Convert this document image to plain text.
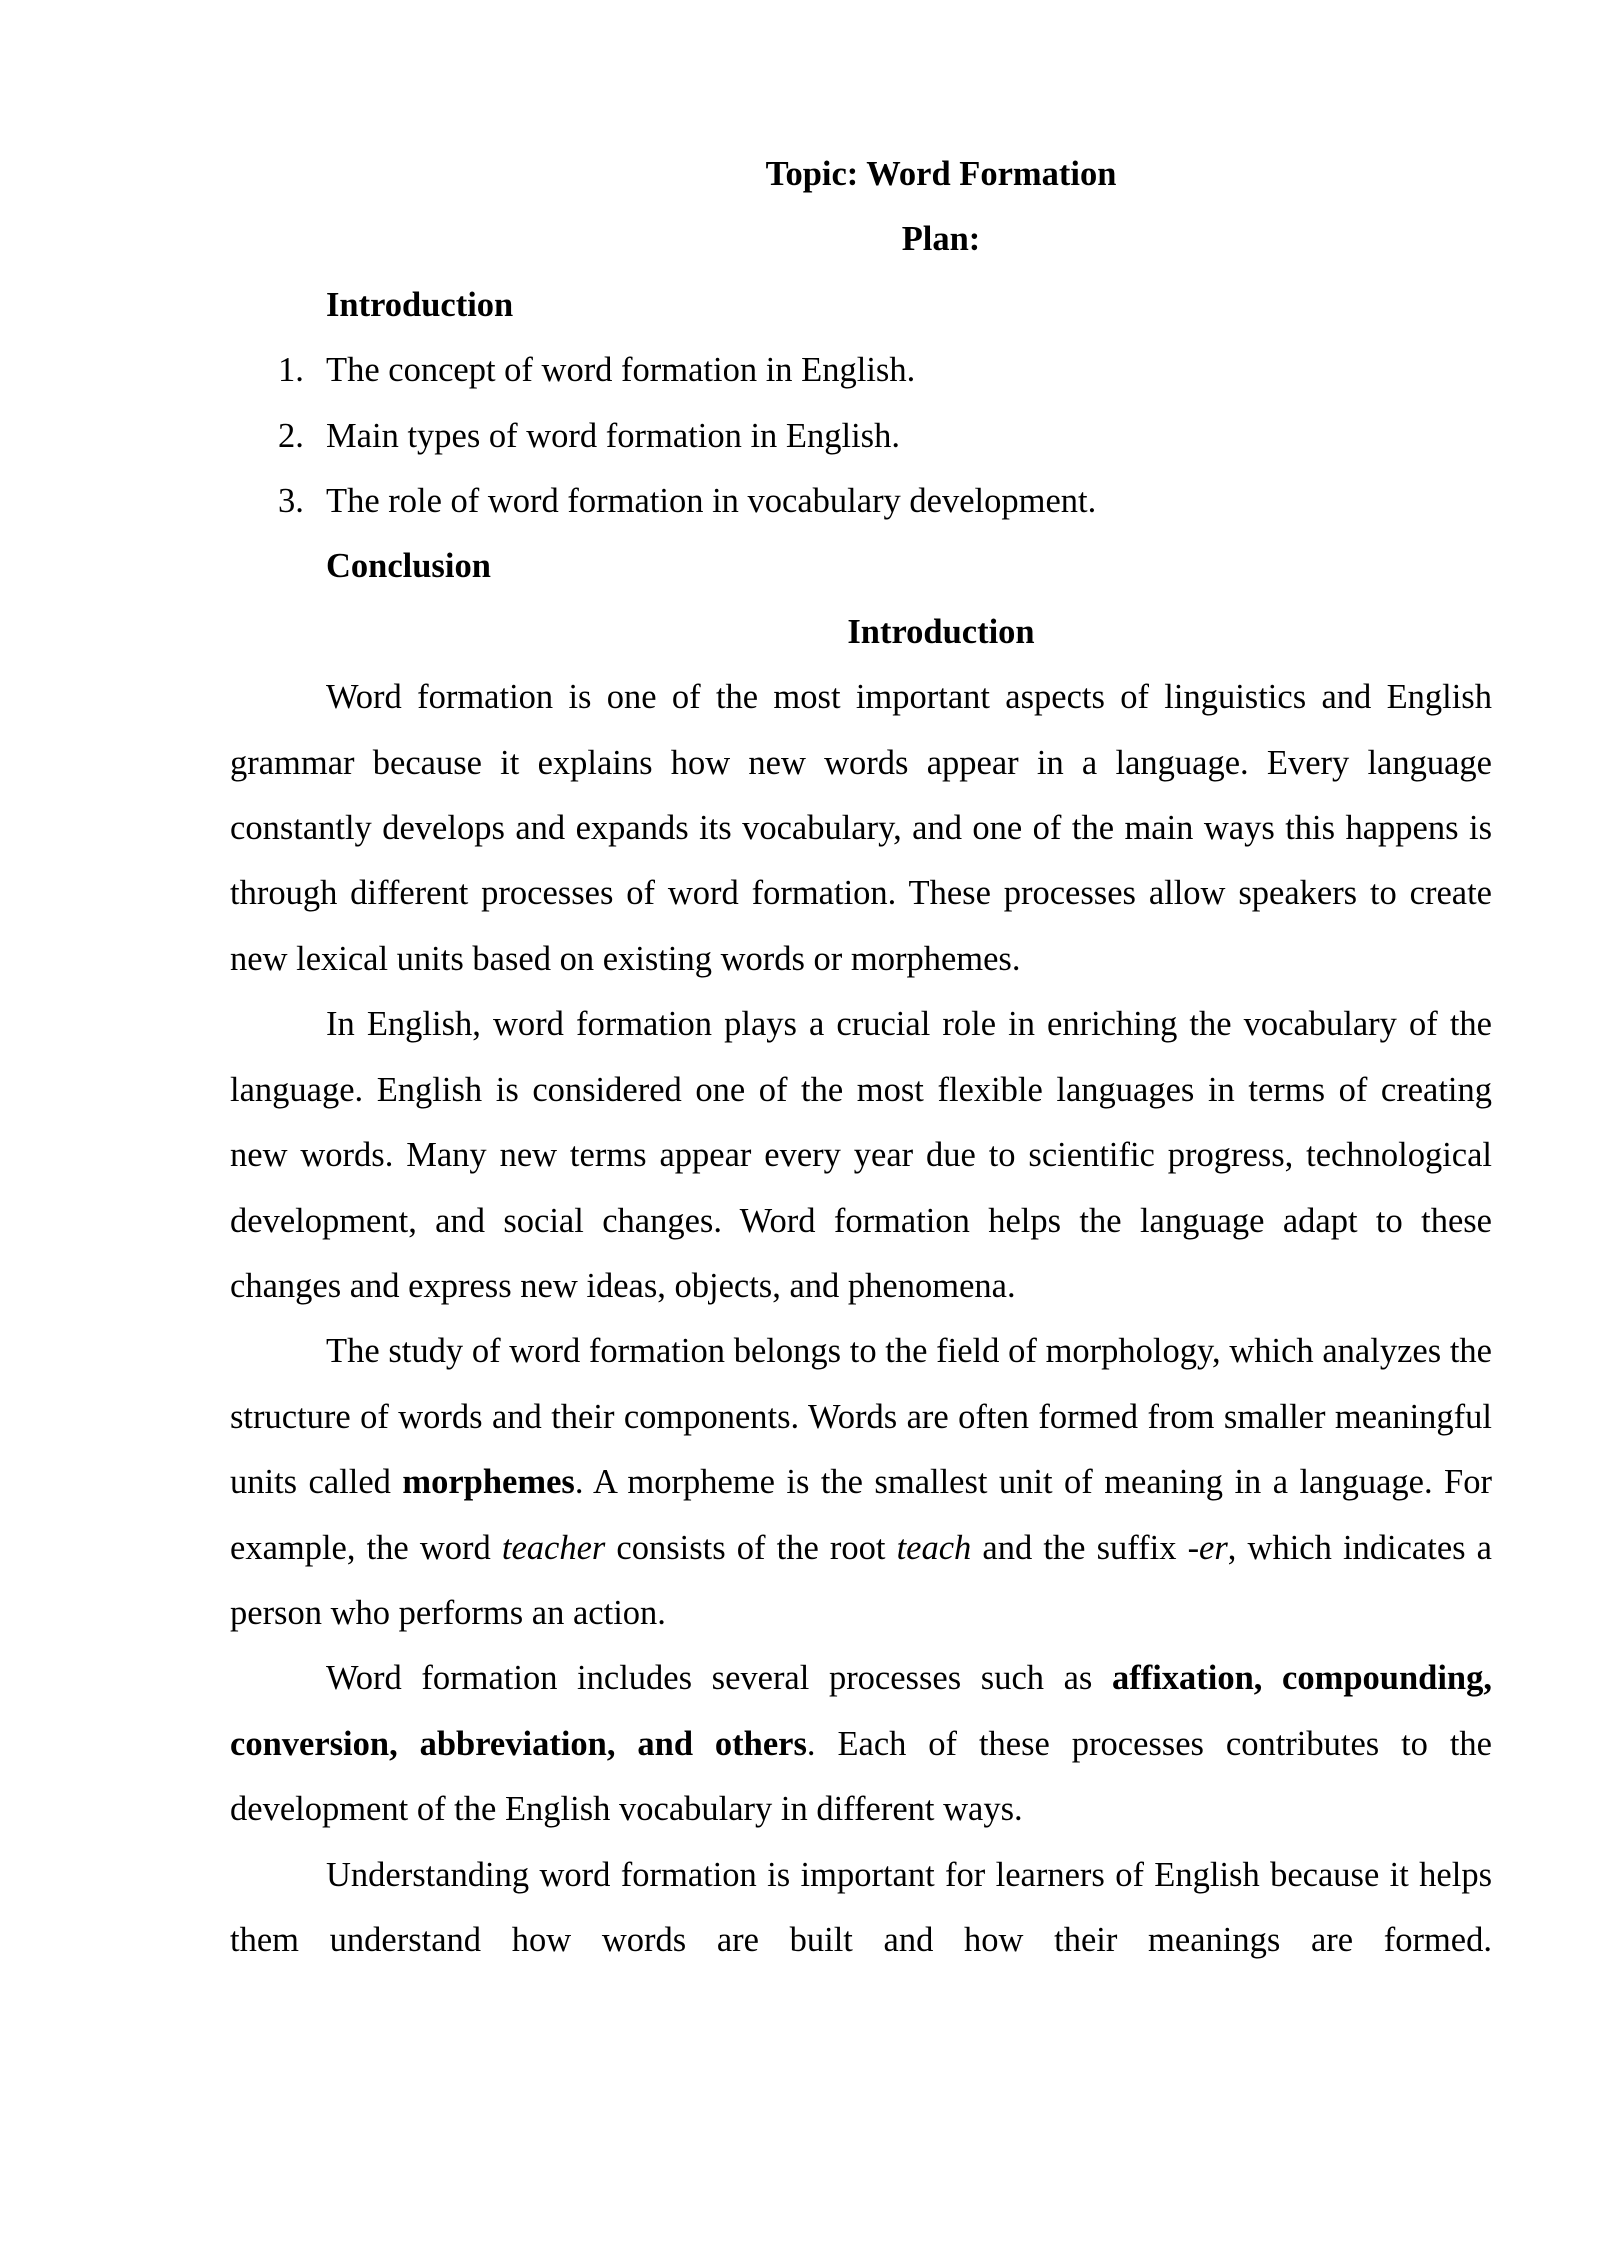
Topic: Word Formation

Plan:

Introduction

1. The concept of word formation in English.
2. Main types of word formation in English.
3. The role of word formation in vocabulary development.

Conclusion

Introduction

Word formation is one of the most important aspects of linguistics and English grammar because it explains how new words appear in a language. Every language constantly develops and expands its vocabulary, and one of the main ways this happens is through different processes of word formation. These processes allow speakers to create new lexical units based on existing words or morphemes.

In English, word formation plays a crucial role in enriching the vocabulary of the language. English is considered one of the most flexible languages in terms of creating new words. Many new terms appear every year due to scientific progress, technological development, and social changes. Word formation helps the language adapt to these changes and express new ideas, objects, and phenomena.

The study of word formation belongs to the field of morphology, which analyzes the structure of words and their components. Words are often formed from smaller meaningful units called morphemes. A morpheme is the smallest unit of meaning in a language. For example, the word teacher consists of the root teach and the suffix -er, which indicates a person who performs an action.

Word formation includes several processes such as affixation, compounding, conversion, abbreviation, and others. Each of these processes contributes to the development of the English vocabulary in different ways.

Understanding word formation is important for learners of English because it helps them understand how words are built and how their meanings are formed.
